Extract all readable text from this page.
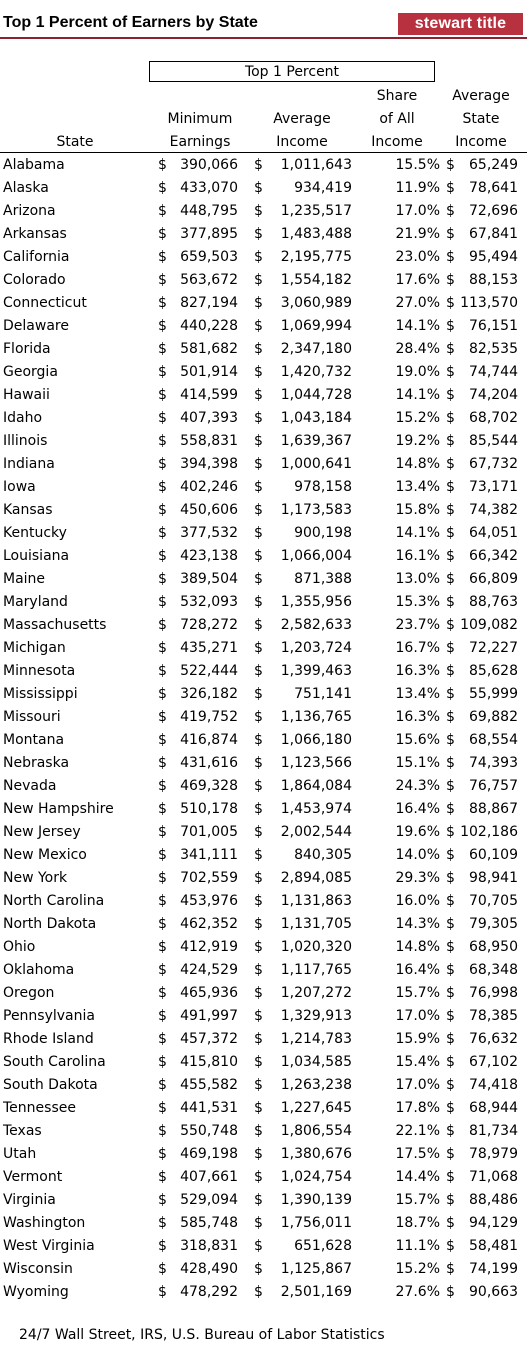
Top 1 Percent of Earners by State	stewart title
Top 1 Percent
Share	Average
Minimum	Average	of All	State
State	Earnings	Income	Income	Income
Alabama	$ 390,066 $ 1,011,643	15.5% $ 65,249
Alaska	$ 433,070 $ 934,419	11.9% $ 78,641
Arizona	$ 448,795 $ 1,235,517	17.0% $ 72,696
Arkansas	$ 377,895 $ 1,483,488	21.9% $ 67,841
California	$ 659,503 $ 2,195,775	23.0% $ 95,494
Colorado	$ 563,672 $ 1,554,182	17.6% $ 88,153
Connecticut	$ 827,194 $ 3,060,989	27.0% $ 113,570
Delaware	$ 440,228 $ 1,069,994	14.1% $ 76,151
Florida	$ 581,682 $ 2,347,180	28.4% $ 82,535
Georgia	$ 501,914 $ 1,420,732	19.0% $ 74,744
Hawaii	$ 414,599 $ 1,044,728	14.1% $ 74,204
Idaho	$ 407,393 $ 1,043,184	15.2% $ 68,702
Illinois	$ 558,831 $ 1,639,367	19.2% $ 85,544
Indiana	$ 394,398 $ 1,000,641	14.8% $ 67,732
Iowa	$ 402,246 $ 978,158	13.4% $ 73,171
Kansas	$ 450,606 $ 1,173,583	15.8% $ 74,382
Kentucky	$ 377,532 $ 900,198	14.1% $ 64,051
Louisiana	$ 423,138 $ 1,066,004	16.1% $ 66,342
Maine	$ 389,504 $ 871,388	13.0% $ 66,809
Maryland	$ 532,093 $ 1,355,956	15.3% $ 88,763
Massachusetts	$ 728,272 $ 2,582,633	23.7% $ 109,082
Michigan	$ 435,271 $ 1,203,724	16.7% $ 72,227
Minnesota	$ 522,444 $ 1,399,463	16.3% $ 85,628
Mississippi	$ 326,182 $ 751,141	13.4% $ 55,999
Missouri	$ 419,752 $ 1,136,765	16.3% $ 69,882
Montana	$ 416,874 $ 1,066,180	15.6% $ 68,554
Nebraska	$ 431,616 $ 1,123,566	15.1% $ 74,393
Nevada	$ 469,328 $ 1,864,084	24.3% $ 76,757
New Hampshire	$ 510,178 $ 1,453,974	16.4% $ 88,867
New Jersey	$ 701,005 $ 2,002,544	19.6% $ 102,186
New Mexico	$ 341,111 $ 840,305	14.0% $ 60,109
New York	$ 702,559 $ 2,894,085	29.3% $ 98,941
North Carolina	$ 453,976 $ 1,131,863	16.0% $ 70,705
North Dakota	$ 462,352 $ 1,131,705	14.3% $ 79,305
Ohio	$ 412,919 $ 1,020,320	14.8% $ 68,950
Oklahoma	$ 424,529 $ 1,117,765	16.4% $ 68,348
Oregon	$ 465,936 $ 1,207,272	15.7% $ 76,998
Pennsylvania	$ 491,997 $ 1,329,913	17.0% $ 78,385
Rhode Island	$ 457,372 $ 1,214,783	15.9% $ 76,632
South Carolina	$ 415,810 $ 1,034,585	15.4% $ 67,102
South Dakota	$ 455,582 $ 1,263,238	17.0% $ 74,418
Tennessee	$ 441,531 $ 1,227,645	17.8% $ 68,944
Texas	$ 550,748 $ 1,806,554	22.1% $ 81,734
Utah	$ 469,198 $ 1,380,676	17.5% $ 78,979
Vermont	$ 407,661 $ 1,024,754	14.4% $ 71,068
Virginia	$ 529,094 $ 1,390,139	15.7% $ 88,486
Washington	$ 585,748 $ 1,756,011	18.7% $ 94,129
West Virginia	$ 318,831 $ 651,628	11.1% $ 58,481
Wisconsin	$ 428,490 $ 1,125,867	15.2% $ 74,199
Wyoming	$ 478,292 $ 2,501,169	27.6% $ 90,663
24/7 Wall Street, IRS, U.S. Bureau of Labor Statistics
